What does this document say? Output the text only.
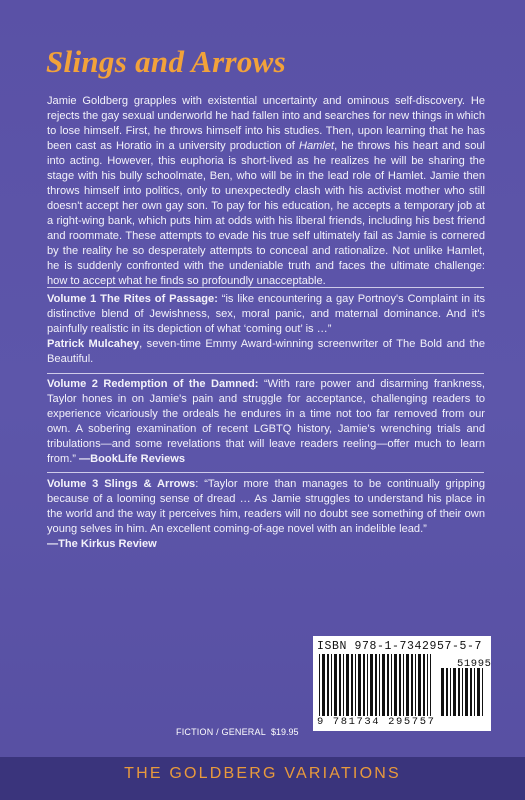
Slings and Arrows
Jamie Goldberg grapples with existential uncertainty and ominous self-discovery. He rejects the gay sexual underworld he had fallen into and searches for new things in which to lose himself. First, he throws himself into his studies. Then, upon learning that he has been cast as Horatio in a university production of Hamlet, he throws his heart and soul into acting. However, this euphoria is short-lived as he realizes he will be sharing the stage with his bully schoolmate, Ben, who will be in the lead role of Hamlet. Jamie then throws himself into politics, only to unexpectedly clash with his activist mother who still doesn't accept her own gay son. To pay for his education, he accepts a temporary job at a right-wing bank, which puts him at odds with his liberal friends, including his best friend and roommate. These attempts to evade his true self ultimately fail as Jamie is cornered by the reality he so desperately attempts to conceal and rationalize. Not unlike Hamlet, he is suddenly confronted with the undeniable truth and faces the ultimate challenge: how to accept what he finds so profoundly unacceptable.
Volume 1 The Rites of Passage: “is like encountering a gay Portnoy's Complaint in its distinctive blend of Jewishness, sex, moral panic, and maternal dominance. And it's painfully realistic in its depiction of what ‘coming out’ is …”
Patrick Mulcahey, seven-time Emmy Award-winning screenwriter of The Bold and the Beautiful.
Volume 2 Redemption of the Damned: “With rare power and disarming frankness, Taylor hones in on Jamie's pain and struggle for acceptance, challenging readers to experience vicariously the ordeals he endures in a time not too far removed from our own. A sobering examination of recent LGBTQ history, Jamie's wrenching trials and tribulations—and some revelations that will leave readers reeling—offer much to learn from.” —BookLife Reviews
Volume 3 Slings & Arrows: “Taylor more than manages to be continually gripping because of a looming sense of dread … As Jamie struggles to understand his place in the world and the way it perceives him, readers will no doubt see something of their own young selves in him. An excellent coming-of-age novel with an indelible lead.”
—The Kirkus Review
ISBN 978-1-7342957-5-7
51995
9 781734 295757
FICTION / GENERAL $19.95
THE GOLDBERG VARIATIONS
